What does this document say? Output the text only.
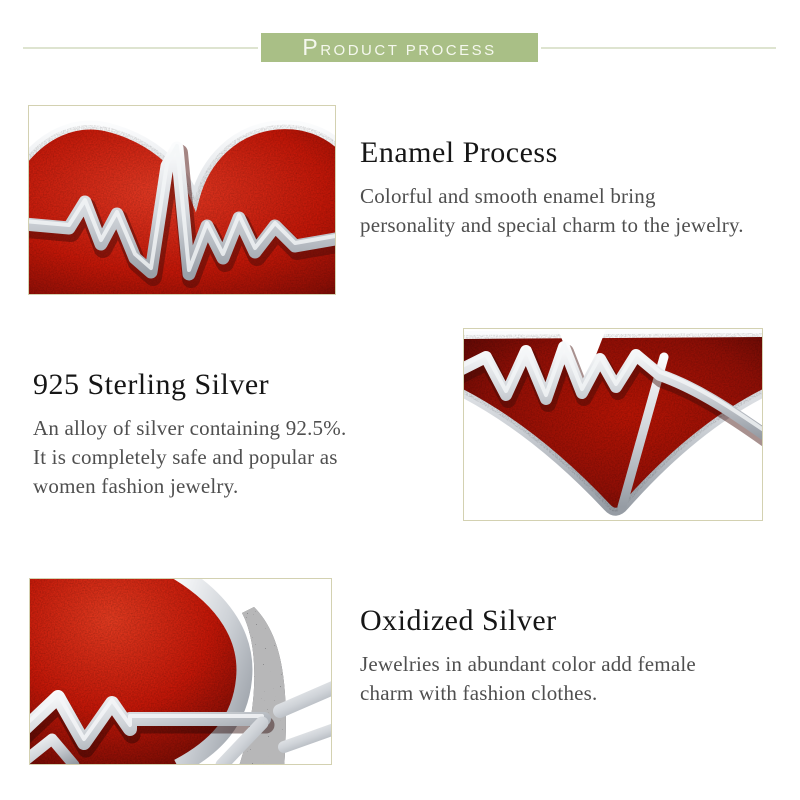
PRODUCT PROCESS
Enamel Process
Colorful and smooth enamel bring
personality and special charm to the jewelry.
925 Sterling Silver
An alloy of silver containing 92.5%.
It is completely safe and popular as
women fashion jewelry.
Oxidized Silver
Jewelries in abundant color add female
charm with fashion clothes.
